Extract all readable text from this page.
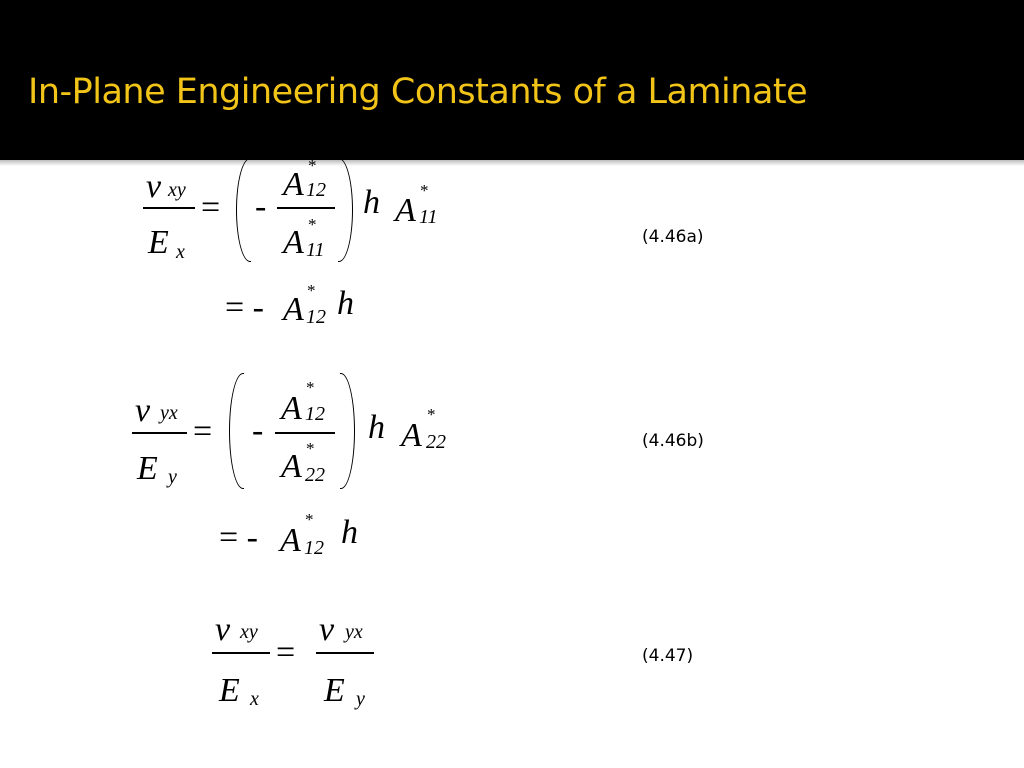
In-Plane Engineering Constants of a Laminate
ν xy
E x
= -
A 12
*
A 11
*
h A 11
*
= - A 12
* h
(4.46a)
ν yx
E y
= -
A 12
*
A 22
*
h A 22
*
= - A 12
* h
(4.46b)
ν xy
E x
=
ν yx
E y
(4.47)
